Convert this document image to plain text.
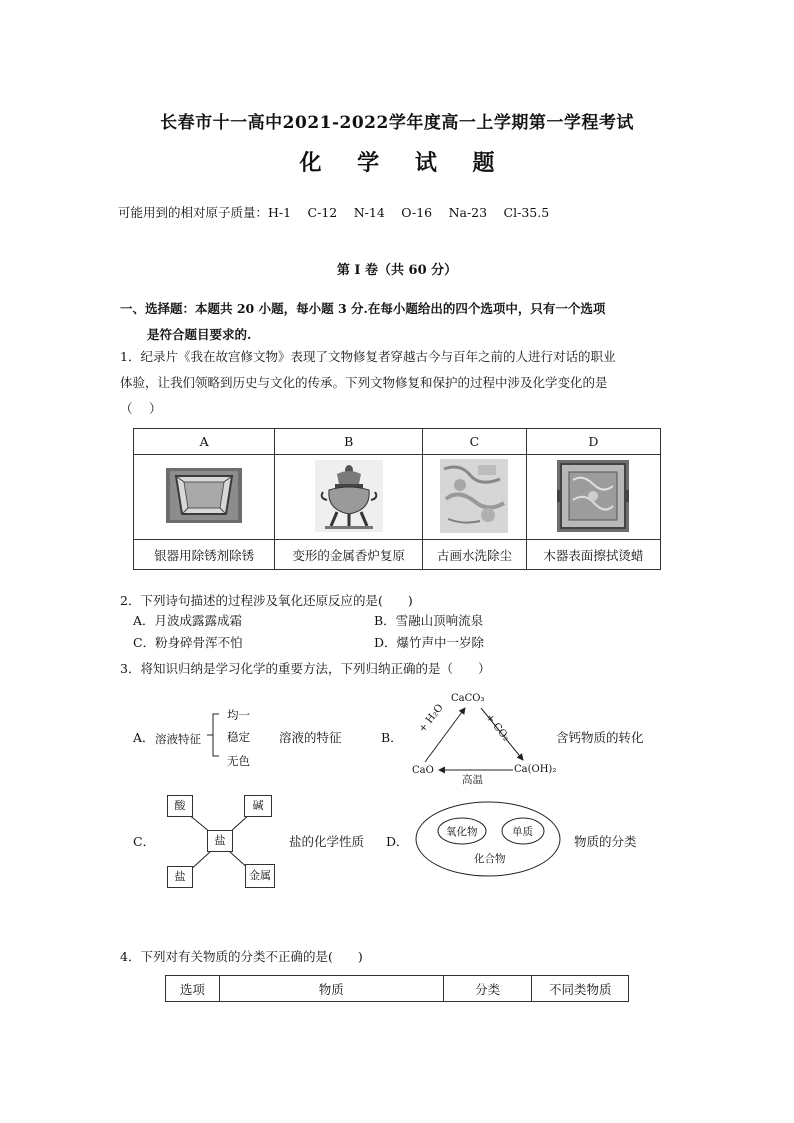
长春市十一高中2021-2022学年度高一上学期第一学程考试
化 学 试 题
可能用到的相对原子质量：H-1　 C-12　 N-14　 O-16　 Na-23　 Cl-35.5
第 Ⅰ 卷（共 60 分）
一、选择题：本题共 20 小题，每小题 3 分.在每小题给出的四个选项中，只有一个选项
是符合题目要求的.
1．纪录片《我在故宫修文物》表现了文物修复者穿越古今与百年之前的人进行对话的职业
体验，让我们领略到历史与文化的传承。下列文物修复和保护的过程中涉及化学变化的是
（　 ）
A	B	C	D

银器用除锈剂除锈	变形的金属香炉复原	古画水洗除尘	木器表面擦拭烫蜡
2．下列诗句描述的过程涉及氧化还原反应的是(　　)
A．月波成露露成霜	B．雪融山顶响流泉
C．粉身碎骨浑不怕	D．爆竹声中一岁除
3．将知识归纳是学习化学的重要方法，下列归纳正确的是（　　）
A． 溶液特征
均一
稳定
无色
溶液的特征	B．
CaCO₃
CaO	Ca(OH)₂
+ H₂O	+ CO₂
高温
含钙物质的转化
C．	盐
酸	碱
盐	金属
盐的化学性质 D．
氧化物	单质
化合物
物质的分类
4．下列对有关物质的分类不正确的是(　　)
选项	物质	分类	不同类物质
